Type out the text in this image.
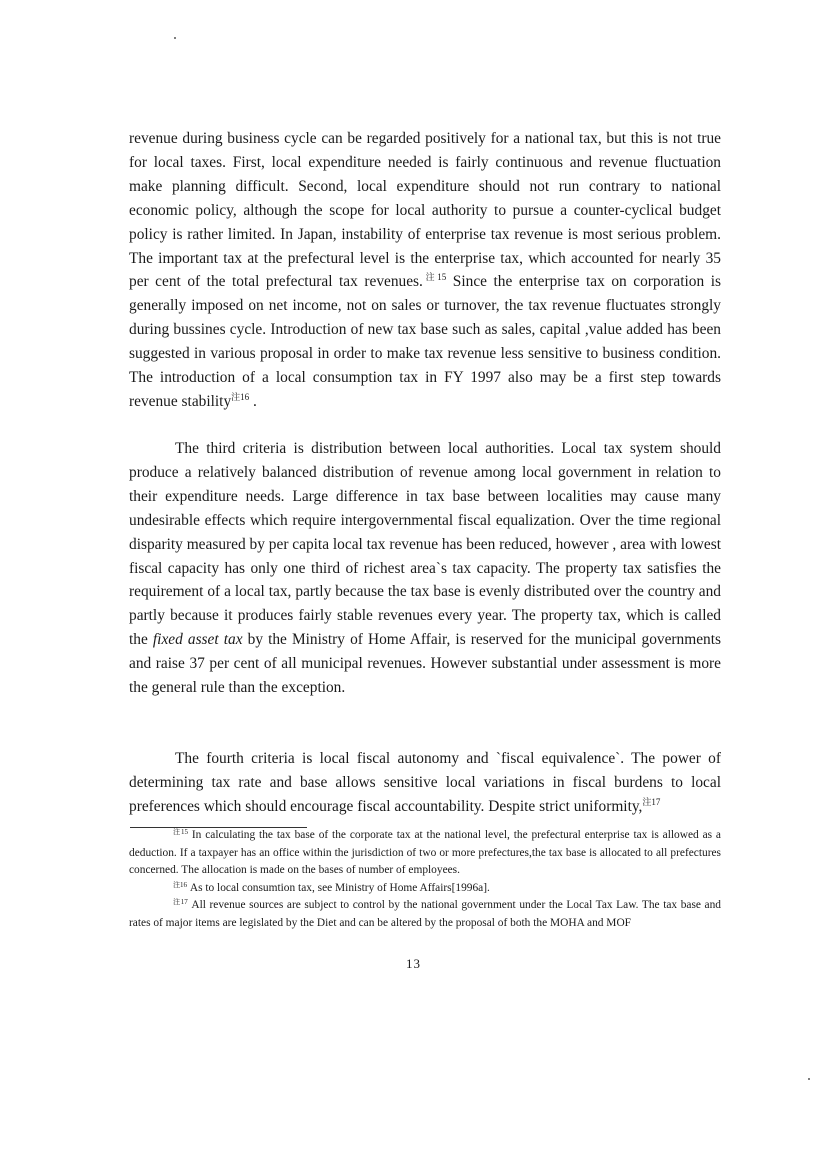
revenue during business cycle can be regarded positively for a national tax, but this is not true for local taxes. First, local expenditure needed is fairly continuous and revenue fluctuation make planning difficult. Second, local expenditure should not run contrary to national economic policy, although the scope for local authority to pursue a counter-cyclical budget policy is rather limited. In Japan, instability of enterprise tax revenue is most serious problem. The important tax at the prefectural level is the enterprise tax, which accounted for nearly 35 per cent of the total prefectural tax revenues.$^{注15}$ Since the enterprise tax on corporation is generally imposed on net income, not on sales or turnover, the tax revenue fluctuates strongly during bussines cycle. Introduction of new tax base such as sales, capital ,value added has been suggested in various proposal in order to make tax revenue less sensitive to business condition. The introduction of a local consumption tax in FY 1997 also may be a first step towards revenue stability$^{注16}$ .

The third criteria is distribution between local authorities. Local tax system should produce a relatively balanced distribution of revenue among local government in relation to their expenditure needs. Large difference in tax base between localities may cause many undesirable effects which require intergovernmental fiscal equalization. Over the time regional disparity measured by per capita local tax revenue has been reduced, however , area with lowest fiscal capacity has only one third of richest area`s tax capacity. The property tax satisfies the requirement of a local tax, partly because the tax base is evenly distributed over the country and partly because it produces fairly stable revenues every year. The property tax, which is called the fixed asset tax by the Ministry of Home Affair, is reserved for the municipal governments and raise 37 per cent of all municipal revenues. However substantial under assessment is more the general rule than the exception.

The fourth criteria is local fiscal autonomy and `fiscal equivalence`. The power of determining tax rate and base allows sensitive local variations in fiscal burdens to local preferences which should encourage fiscal accountability. Despite strict uniformity,$^{注17}$

$^{注15}$ In calculating the tax base of the corporate tax at the national level, the prefectural enterprise tax is allowed as a deduction. If a taxpayer has an office within the jurisdiction of two or more prefectures,the tax base is allocated to all prefectures concerned. The allocation is made on the bases of number of employees.

$^{注16}$ As to local consumtion tax, see Ministry of Home Affairs[1996a].

$^{注17}$ All revenue sources are subject to control by the national government under the Local Tax Law. The tax base and rates of major items are legislated by the Diet and can be altered by the proposal of both the MOHA and MOF

13
